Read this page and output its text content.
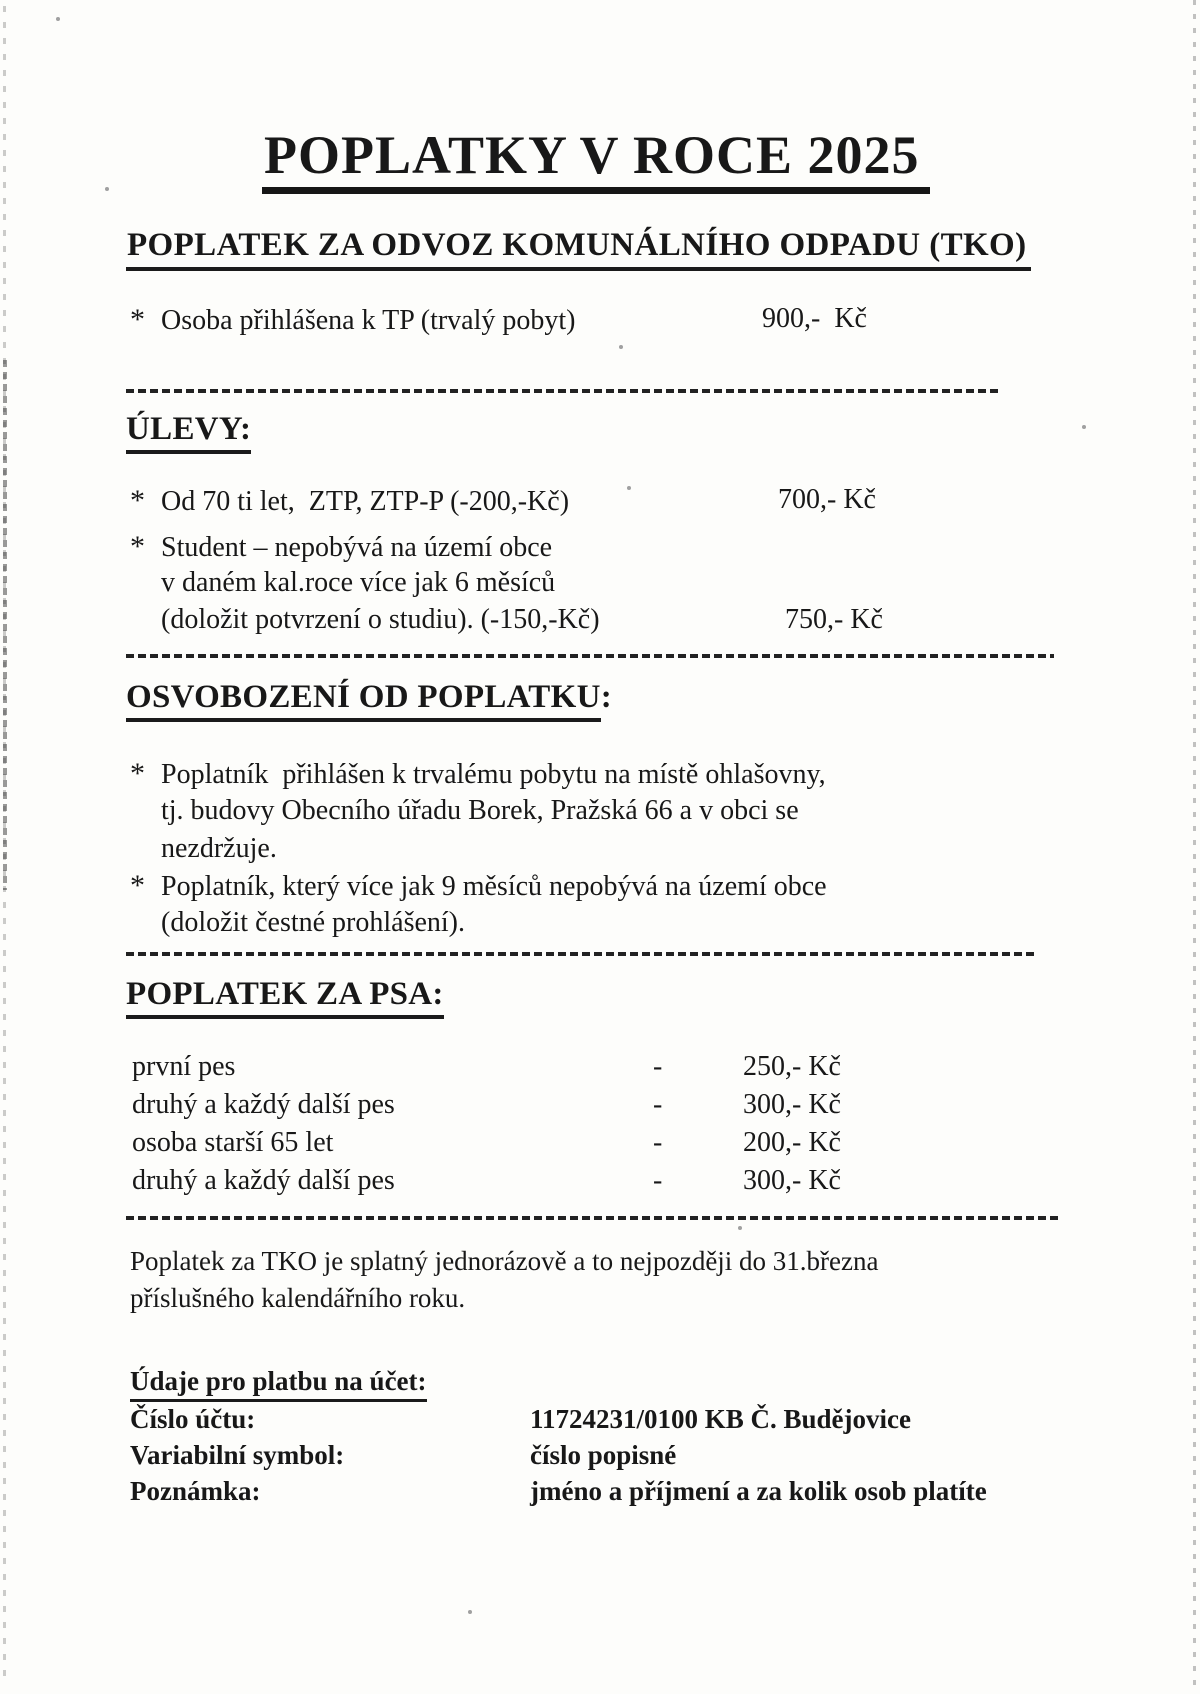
POPLATKY V ROCE 2025
POPLATEK ZA ODVOZ KOMUNÁLNÍHO ODPADU (TKO)
* Osoba přihlášena k TP (trvalý pobyt)	900,-  Kč
ÚLEVY:
* Od 70 ti let,  ZTP, ZTP-P (-200,-Kč)	700,- Kč
* Student – nepobývá na území obce
v daném kal.roce více jak 6 měsíců
(doložit potvrzení o studiu). (-150,-Kč)	750,- Kč
OSVOBOZENÍ OD POPLATKU:
* Poplatník  přihlášen k trvalému pobytu na místě ohlašovny,
tj. budovy Obecního úřadu Borek, Pražská 66 a v obci se
nezdržuje.
* Poplatník, který více jak 9 měsíců nepobývá na území obce
(doložit čestné prohlášení).
POPLATEK ZA PSA:
první pes	-	250,- Kč
druhý a každý další pes	-	300,- Kč
osoba starší 65 let	-	200,- Kč
druhý a každý další pes	-	300,- Kč
Poplatek za TKO je splatný jednorázově a to nejpozději do 31.března
příslušného kalendářního roku.
Údaje pro platbu na účet:
Číslo účtu:	11724231/0100 KB Č. Budějovice
Variabilní symbol:	číslo popisné
Poznámka:	jméno a příjmení a za kolik osob platíte
